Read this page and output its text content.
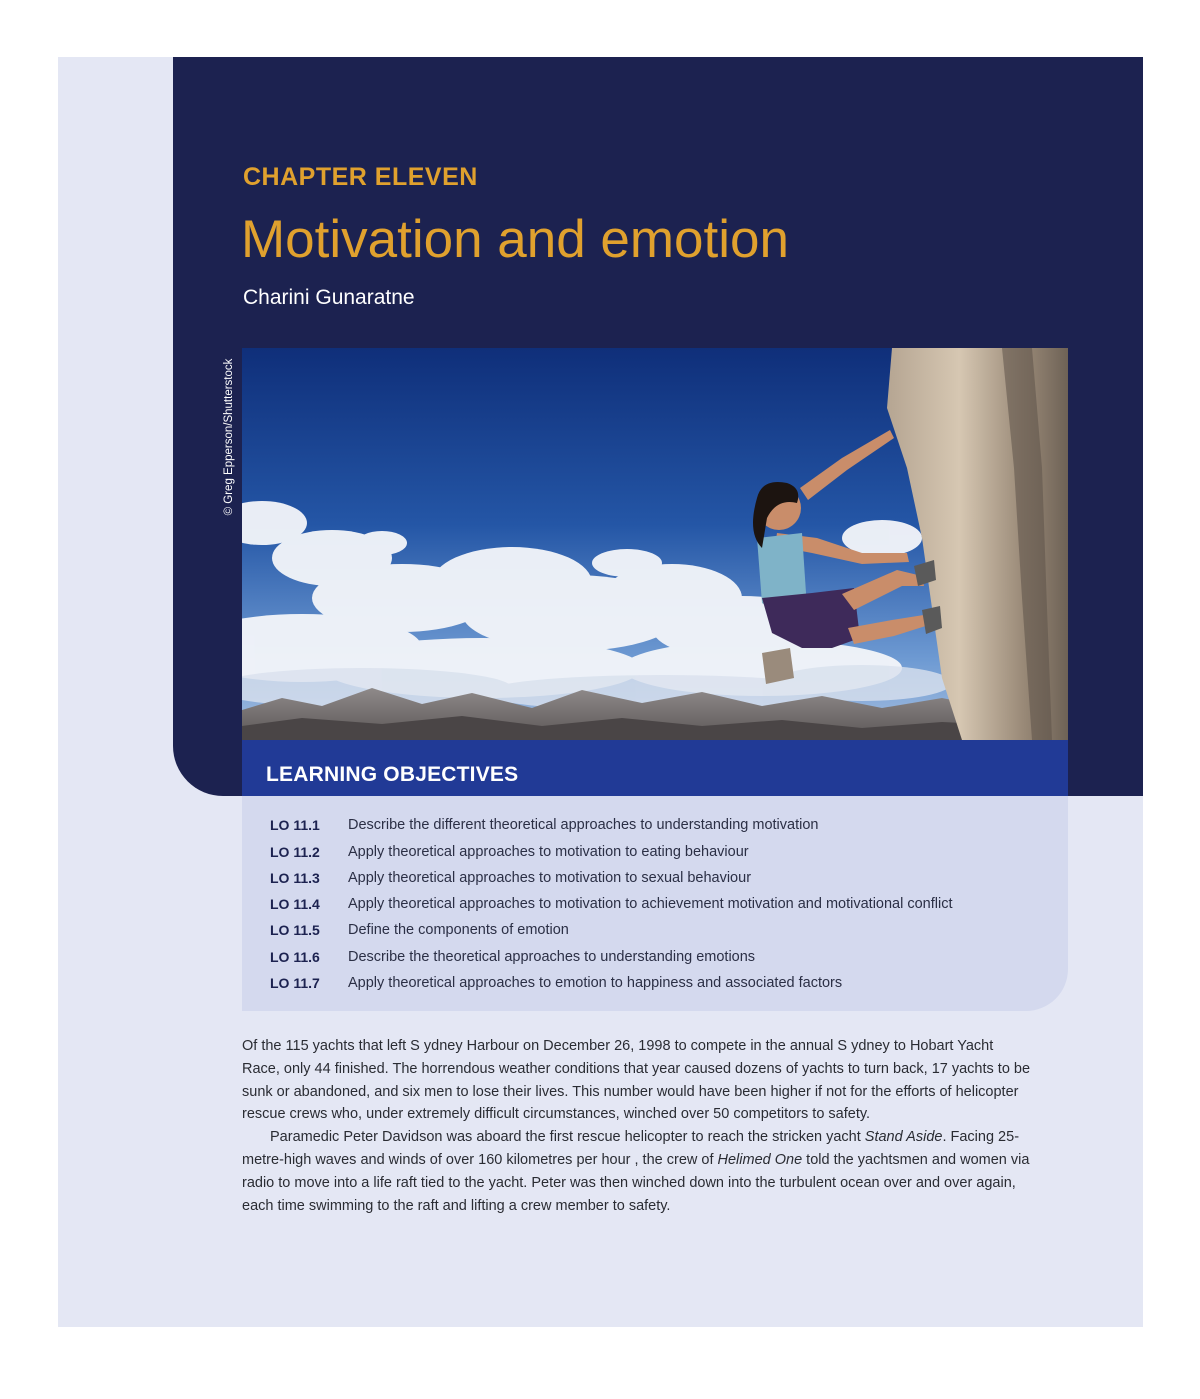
CHAPTER ELEVEN
Motivation and emotion
Charini Gunaratne
© Greg Epperson/Shutterstock
LEARNING OBJECTIVES
LO 11.1	Describe the different theoretical approaches to understanding motivation
LO 11.2	Apply theoretical approaches to motivation to eating behaviour
LO 11.3	Apply theoretical approaches to motivation to sexual behaviour
LO 11.4	Apply theoretical approaches to motivation to achievement motivation and motivational conflict
LO 11.5	Define the components of emotion
LO 11.6	Describe the theoretical approaches to understanding emotions
LO 11.7	Apply theoretical approaches to emotion to happiness and associated factors

Of the 115 yachts that left S ydney Harbour on December 26, 1998 to compete in the annual S ydney to Hobart Yacht Race, only 44 finished. The horrendous weather conditions that year caused dozens of yachts to turn back, 17 yachts to be sunk or abandoned, and six men to lose their lives. This number would have been higher if not for the efforts of helicopter rescue crews who, under extremely difficult circumstances, winched over 50 competitors to safety.

Paramedic Peter Davidson was aboard the first rescue helicopter to reach the stricken yacht Stand Aside. Facing 25-metre-high waves and winds of over 160 kilometres per hour , the crew of Helimed One told the yachtsmen and women via radio to move into a life raft tied to the yacht. Peter was then winched down into the turbulent ocean over and over again, each time swimming to the raft and lifting a crew member to safety.
